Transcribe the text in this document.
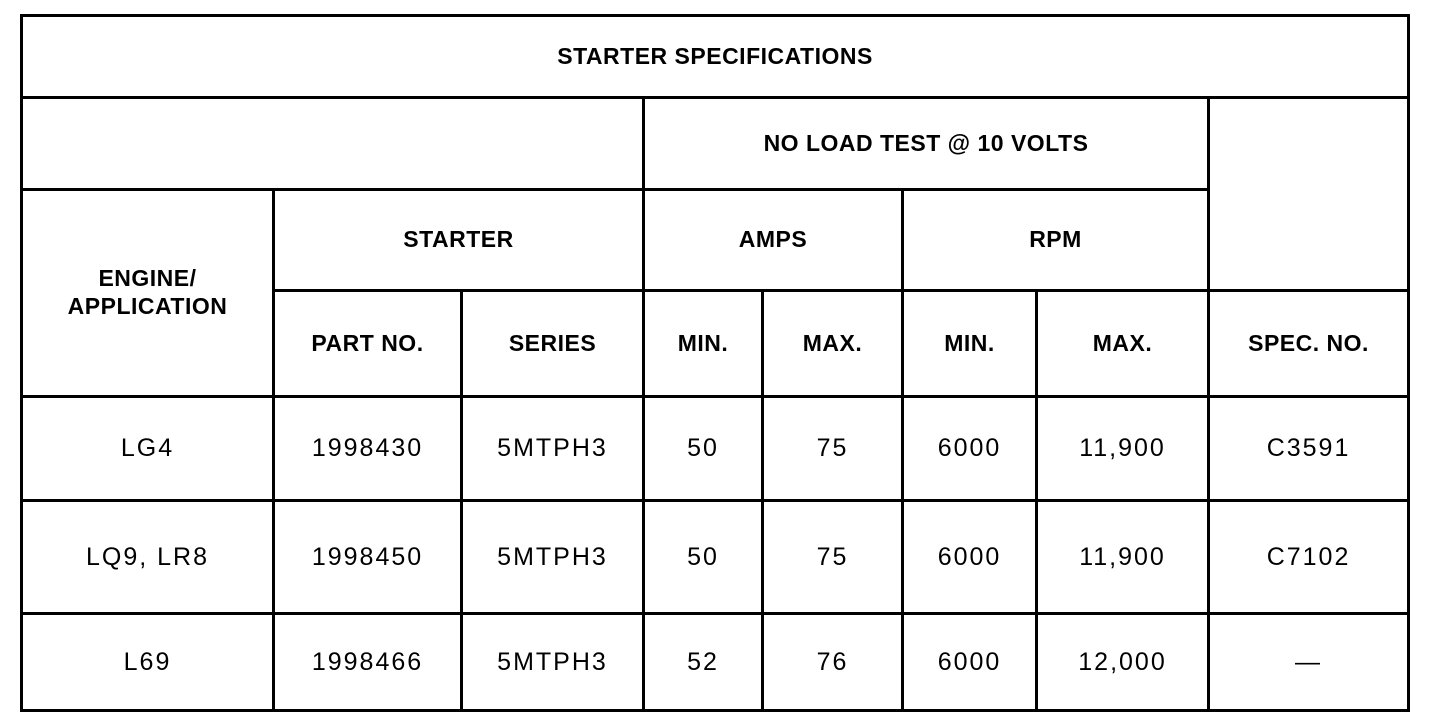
STARTER SPECIFICATIONS							
			NO LOAD TEST @ 10 VOLTS				
ENGINE/
APPLICATION	STARTER		AMPS		RPM		
	PART NO.	SERIES	MIN.	MAX.	MIN.	MAX.	SPEC. NO.
LG4	1998430	5MTPH3	50	75	6000	11,900	C3591
LQ9, LR8	1998450	5MTPH3	50	75	6000	11,900	C7102
L69	1998466	5MTPH3	52	76	6000	12,000	—
